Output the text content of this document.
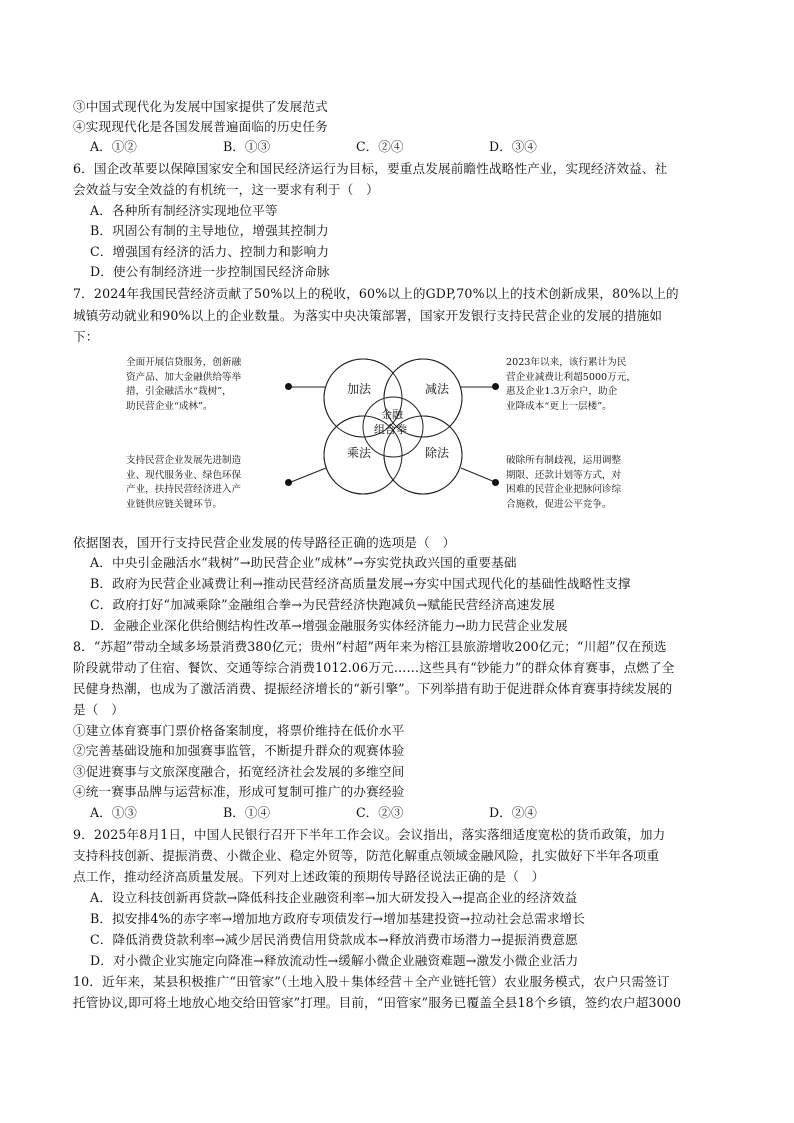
③中国式现代化为发展中国家提供了发展范式
④实现现代化是各国发展普遍面临的历史任务
A．①②	B．①③	C．②④	D．③④
6．国企改革要以保障国家安全和国民经济运行为目标，要重点发展前瞻性战略性产业，实现经济效益、社
会效益与安全效益的有机统一，这一要求有利于（　）
A．各种所有制经济实现地位平等
B．巩固公有制的主导地位，增强其控制力
C．增强国有经济的活力、控制力和影响力
D．使公有制经济进一步控制国民经济命脉
7．2024年我国民营经济贡献了50%以上的税收，60%以上的GDP,70%以上的技术创新成果，80%以上的
城镇劳动就业和90%以上的企业数量。为落实中央决策部署，国家开发银行支持民营企业的发展的措施如
下：
加法	减法
乘法	除法
金融
组合拳
全面开展信贷服务，创新融
资产品、加大金融供给等举
措，引金融活水“栽树”，
助民营企业“成林”。
2023年以来，该行累计为民
营企业减费让利超5000万元，
惠及企业1.3万余户，助企
业降成本“更上一层楼”。
支持民营企业发展先进制造
业、现代服务业、绿色环保
产业，扶持民营经济进入产
业链供应链关键环节。
破除所有制歧视，运用调整
期限、还款计划等方式，对
困难的民营企业把脉问诊综
合施救，促进公平竞争。
依据图表，国开行支持民营企业发展的传导路径正确的选项是（　）
A．中央引金融活水“栽树”→助民营企业“成林”→夯实党执政兴国的重要基础
B．政府为民营企业减费让利→推动民营经济高质量发展→夯实中国式现代化的基础性战略性支撑
C．政府打好“加减乘除”金融组合拳→为民营经济快跑减负→赋能民营经济高速发展
D．金融企业深化供给侧结构性改革→增强金融服务实体经济能力→助力民营企业发展
8．“苏超”带动全域多场景消费380亿元；贵州“村超”两年来为榕江县旅游增收200亿元；“川超”仅在预选
阶段就带动了住宿、餐饮、交通等综合消费1012.06万元……这些具有“钞能力”的群众体育赛事，点燃了全
民健身热潮，也成为了激活消费、提振经济增长的“新引擎”。下列举措有助于促进群众体育赛事持续发展的
是（　）
①建立体育赛事门票价格备案制度，将票价维持在低价水平
②完善基础设施和加强赛事监管，不断提升群众的观赛体验
③促进赛事与文旅深度融合，拓宽经济社会发展的多维空间
④统一赛事品牌与运营标准，形成可复制可推广的办赛经验
A．①③	B．①④	C．②③	D．②④
9．2025年8月1日，中国人民银行召开下半年工作会议。会议指出，落实落细适度宽松的货币政策，加力
支持科技创新、提振消费、小微企业、稳定外贸等，防范化解重点领域金融风险，扎实做好下半年各项重
点工作，推动经济高质量发展。下列对上述政策的预期传导路径说法正确的是（　）
A．设立科技创新再贷款→降低科技企业融资利率→加大研发投入→提高企业的经济效益
B．拟安排4%的赤字率→增加地方政府专项债发行→增加基建投资→拉动社会总需求增长
C．降低消费贷款利率→减少居民消费信用贷款成本→释放消费市场潜力→提振消费意愿
D．对小微企业实施定向降准→释放流动性→缓解小微企业融资难题→激发小微企业活力
10．近年来，某县积极推广“田管家”（土地入股＋集体经营＋全产业链托管）农业服务模式，农户只需签订
托管协议,即可将土地放心地交给田管家”打理。目前，“田管家”服务已覆盖全县18个乡镇，签约农户超3000
